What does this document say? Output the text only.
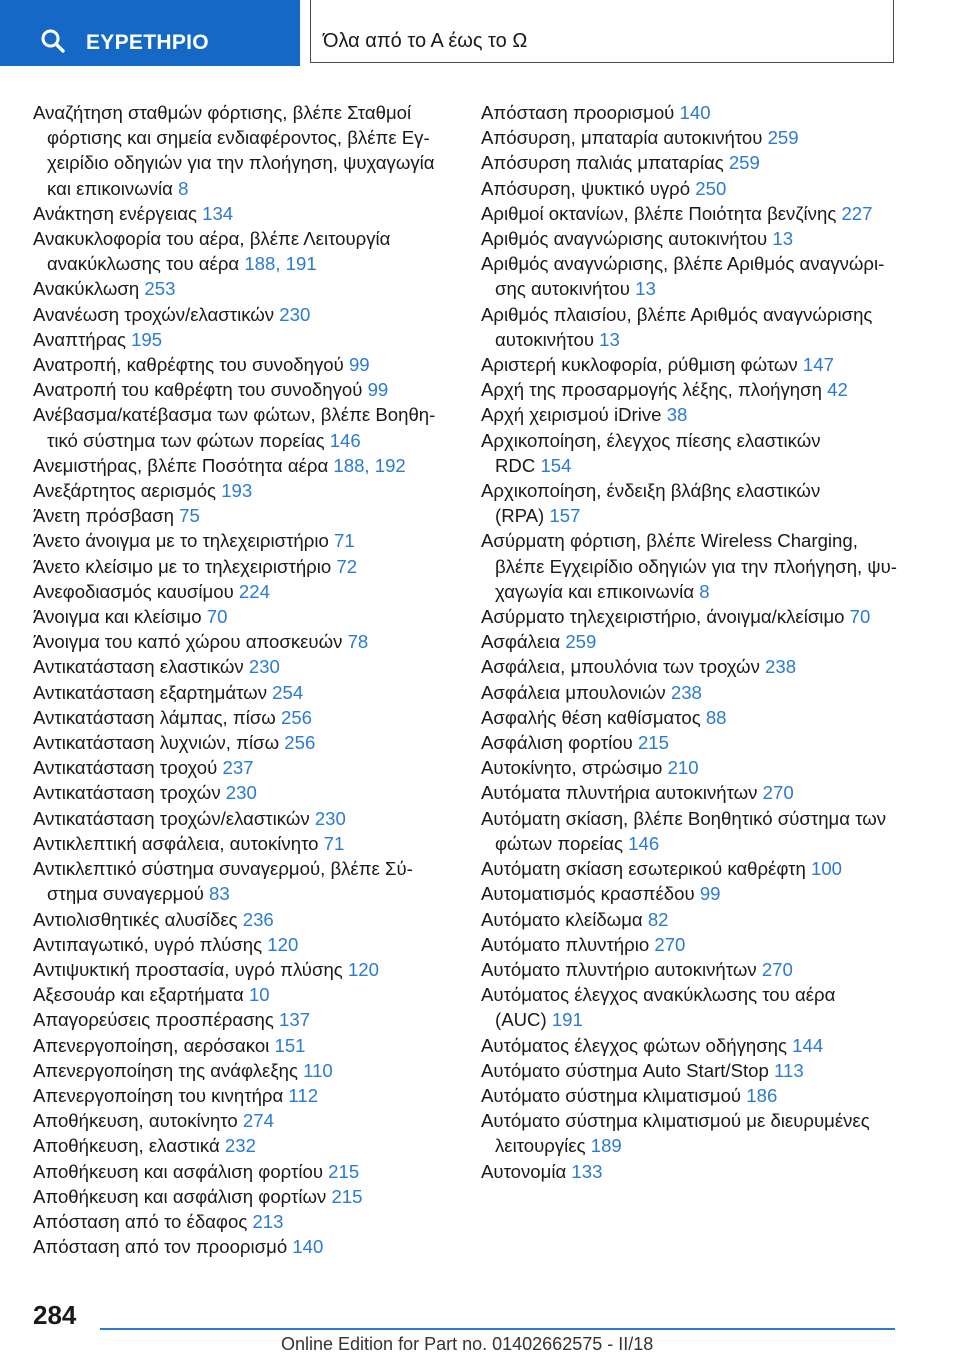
ΕΥΡΕΤΗΡΙΟ	Όλα από το Α έως το Ω
Αναζήτηση σταθμών φόρτισης, βλέπε Σταθμοί
φόρτισης και σημεία ενδιαφέροντος, βλέπε Εγ-
χειρίδιο οδηγιών για την πλοήγηση, ψυχαγωγία
και επικοινωνία 8
Ανάκτηση ενέργειας 134
Ανακυκλοφορία του αέρα, βλέπε Λειτουργία
ανακύκλωσης του αέρα 188, 191
Ανακύκλωση 253
Ανανέωση τροχών/ελαστικών 230
Αναπτήρας 195
Ανατροπή, καθρέφτης του συνοδηγού 99
Ανατροπή του καθρέφτη του συνοδηγού 99
Ανέβασμα/κατέβασμα των φώτων, βλέπε Βοηθη-
τικό σύστημα των φώτων πορείας 146
Ανεμιστήρας, βλέπε Ποσότητα αέρα 188, 192
Ανεξάρτητος αερισμός 193
Άνετη πρόσβαση 75
Άνετο άνοιγμα με το τηλεχειριστήριο 71
Άνετο κλείσιμο με το τηλεχειριστήριο 72
Ανεφοδιασμός καυσίμου 224
Άνοιγμα και κλείσιμο 70
Άνοιγμα του καπό χώρου αποσκευών 78
Αντικατάσταση ελαστικών 230
Αντικατάσταση εξαρτημάτων 254
Αντικατάσταση λάμπας, πίσω 256
Αντικατάσταση λυχνιών, πίσω 256
Αντικατάσταση τροχού 237
Αντικατάσταση τροχών 230
Αντικατάσταση τροχών/ελαστικών 230
Αντικλεπτική ασφάλεια, αυτοκίνητο 71
Αντικλεπτικό σύστημα συναγερμού, βλέπε Σύ-
στημα συναγερμού 83
Αντιολισθητικές αλυσίδες 236
Αντιπαγωτικό, υγρό πλύσης 120
Αντιψυκτική προστασία, υγρό πλύσης 120
Αξεσουάρ και εξαρτήματα 10
Απαγορεύσεις προσπέρασης 137
Απενεργοποίηση, αερόσακοι 151
Απενεργοποίηση της ανάφλεξης 110
Απενεργοποίηση του κινητήρα 112
Αποθήκευση, αυτοκίνητο 274
Αποθήκευση, ελαστικά 232
Αποθήκευση και ασφάλιση φορτίου 215
Αποθήκευση και ασφάλιση φορτίων 215
Απόσταση από το έδαφος 213
Απόσταση από τον προορισμό 140
Απόσταση προορισμού 140
Απόσυρση, μπαταρία αυτοκινήτου 259
Απόσυρση παλιάς μπαταρίας 259
Απόσυρση, ψυκτικό υγρό 250
Αριθμοί οκτανίων, βλέπε Ποιότητα βενζίνης 227
Αριθμός αναγνώρισης αυτοκινήτου 13
Αριθμός αναγνώρισης, βλέπε Αριθμός αναγνώρι-
σης αυτοκινήτου 13
Αριθμός πλαισίου, βλέπε Αριθμός αναγνώρισης
αυτοκινήτου 13
Αριστερή κυκλοφορία, ρύθμιση φώτων 147
Αρχή της προσαρμογής λέξης, πλοήγηση 42
Αρχή χειρισμού iDrive 38
Αρχικοποίηση, έλεγχος πίεσης ελαστικών
RDC 154
Αρχικοποίηση, ένδειξη βλάβης ελαστικών
(RPA) 157
Ασύρματη φόρτιση, βλέπε Wireless Charging,
βλέπε Εγχειρίδιο οδηγιών για την πλοήγηση, ψυ-
χαγωγία και επικοινωνία 8
Ασύρματο τηλεχειριστήριο, άνοιγμα/κλείσιμο 70
Ασφάλεια 259
Ασφάλεια, μπουλόνια των τροχών 238
Ασφάλεια μπουλονιών 238
Ασφαλής θέση καθίσματος 88
Ασφάλιση φορτίου 215
Αυτοκίνητο, στρώσιμο 210
Αυτόματα πλυντήρια αυτοκινήτων 270
Αυτόματη σκίαση, βλέπε Βοηθητικό σύστημα των
φώτων πορείας 146
Αυτόματη σκίαση εσωτερικού καθρέφτη 100
Αυτοματισμός κρασπέδου 99
Αυτόματο κλείδωμα 82
Αυτόματο πλυντήριο 270
Αυτόματο πλυντήριο αυτοκινήτων 270
Αυτόματος έλεγχος ανακύκλωσης του αέρα
(AUC) 191
Αυτόματος έλεγχος φώτων οδήγησης 144
Αυτόματο σύστημα Auto Start/Stop 113
Αυτόματο σύστημα κλιματισμού 186
Αυτόματο σύστημα κλιματισμού με διευρυμένες
λειτουργίες 189
Αυτονομία 133
284
Online Edition for Part no. 01402662575 - II/18
